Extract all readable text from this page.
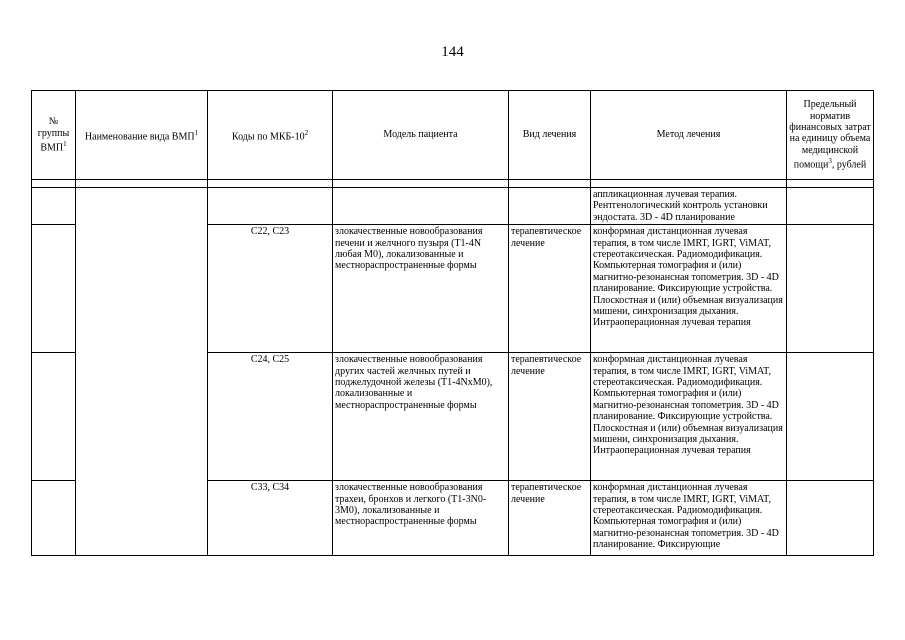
144
№ группы ВМП$^1$	Наименование вида ВМП$^1$	Коды по МКБ-$10^2$	Модель пациента	Вид лечения	Метод лечения	Предельный норматив финансовых затрат на единицу объема медицинской помощи$^3$, рублей

					аппликационная лучевая терапия. Рентгенологический контроль установки эндостата. 3D - 4D планирование	
		C22, C23	злокачественные новообразования печени и желчного пузыря (T1-4N любая M0), локализованные и местнораспространенные формы	терапевтическое лечение	конформная дистанционная лучевая терапия, в том числе IMRT, IGRT, ViMAT, стереотаксическая. Радиомодификация. Компьютерная томография и (или) магнитно-резонансная топометрия. 3D - 4D планирование. Фиксирующие устройства. Плоскостная и (или) объемная визуализация мишени, синхронизация дыхания. Интраоперационная лучевая терапия	
		C24, C25	злокачественные новообразования других частей желчных путей и поджелудочной железы (T1-4NxM0), локализованные и местнораспространенные формы	терапевтическое лечение	конформная дистанционная лучевая терапия, в том числе IMRT, IGRT, ViMAT, стереотаксическая. Радиомодификация. Компьютерная томография и (или) магнитно-резонансная топометрия. 3D - 4D планирование. Фиксирующие устройства. Плоскостная и (или) объемная визуализация мишени, синхронизация дыхания. Интраоперационная лучевая терапия	
		C33, C34	злокачественные новообразования трахеи, бронхов и легкого (T1-3N0-3M0), локализованные и местнораспространенные формы	терапевтическое лечение	конформная дистанционная лучевая терапия, в том числе IMRT, IGRT, ViMAT, стереотаксическая. Радиомодификация. Компьютерная томография и (или) магнитно-резонансная топометрия. 3D - 4D планирование. Фиксирующие	
